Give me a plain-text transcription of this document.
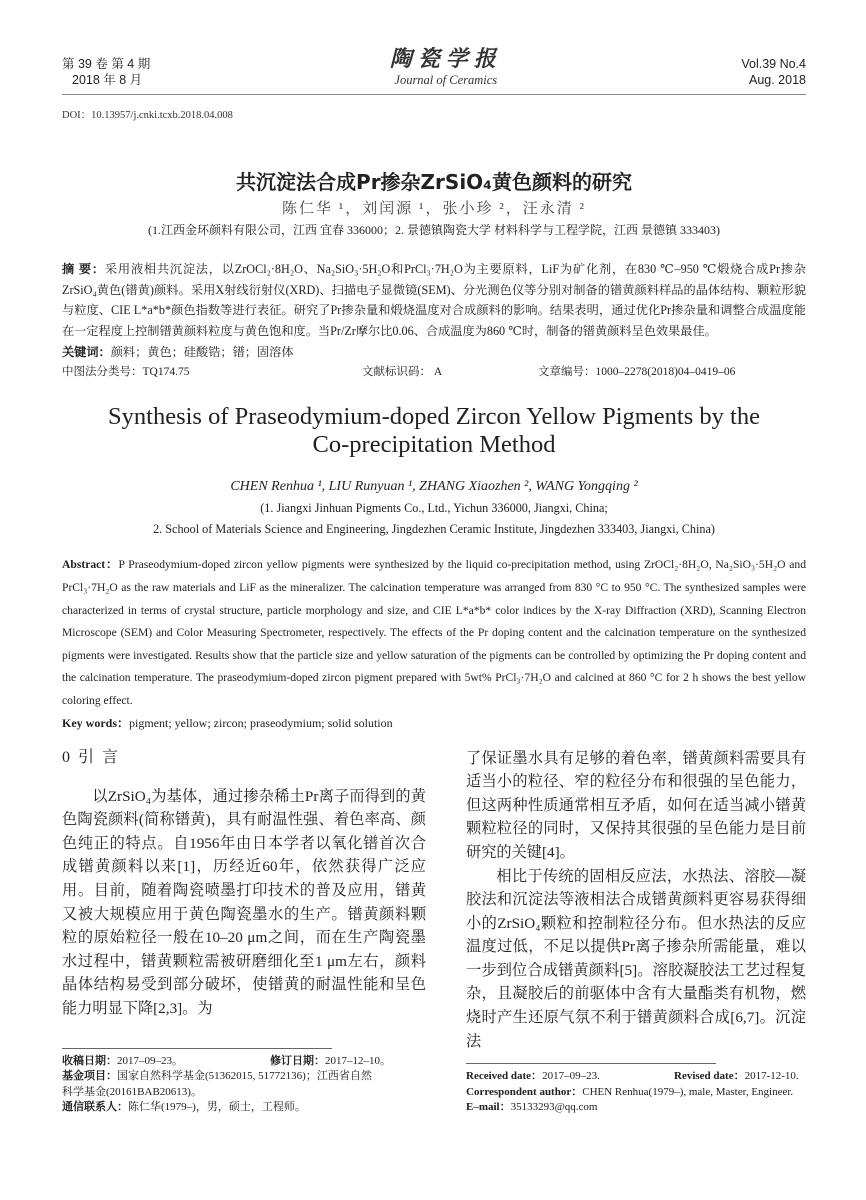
第 39 卷 第 4 期
2018 年 8 月
陶瓷学报
Journal of Ceramics
Vol.39 No.4
Aug. 2018
DOI：10.13957/j.cnki.tcxb.2018.04.008
共沉淀法合成Pr掺杂ZrSiO₄黄色颜料的研究
陈仁华 ¹，刘闰源 ¹，张小珍 ²，汪永清 ²
(1.江西金环颜料有限公司，江西 宜春 336000；2. 景德镇陶瓷大学 材料科学与工程学院，江西 景德镇 333403)
摘 要：采用液相共沉淀法，以ZrOCl₂·8H₂O、Na₂SiO₃·5H₂O和PrCl₃·7H₂O为主要原料，LiF为矿化剂，在830 ℃–950 ℃煅烧合成Pr掺杂ZrSiO₄黄色(镨黄)颜料。采用X射线衍射仪(XRD)、扫描电子显微镜(SEM)、分光测色仪等分别对制备的镨黄颜料样品的晶体结构、颗粒形貌与粒度、CIE L*a*b*颜色指数等进行表征。研究了Pr掺杂量和煅烧温度对合成颜料的影响。结果表明，通过优化Pr掺杂量和调整合成温度能在一定程度上控制镨黄颜料粒度与黄色饱和度。当Pr/Zr摩尔比0.06、合成温度为860 ℃时，制备的镨黄颜料呈色效果最佳。
关键词：颜料；黄色；硅酸锆；镨；固溶体
中图法分类号：TQ174.75	文献标识码： A	文章编号：1000–2278(2018)04–0419–06
Synthesis of Praseodymium-doped Zircon Yellow Pigments by the Co-precipitation Method
CHEN Renhua ¹, LIU Runyuan ¹, ZHANG Xiaozhen ², WANG Yongqing ²
(1. Jiangxi Jinhuan Pigments Co., Ltd., Yichun 336000, Jiangxi, China;
2. School of Materials Science and Engineering, Jingdezhen Ceramic Institute, Jingdezhen 333403, Jiangxi, China)
Abstract：P Praseodymium-doped zircon yellow pigments were synthesized by the liquid co-precipitation method, using ZrOCl₂·8H₂O, Na₂SiO₃·5H₂O and PrCl₃·7H₂O as the raw materials and LiF as the mineralizer. The calcination temperature was arranged from 830 °C to 950 °C. The synthesized samples were characterized in terms of crystal structure, particle morphology and size, and CIE L*a*b* color indices by the X-ray Diffraction (XRD), Scanning Electron Microscope (SEM) and Color Measuring Spectrometer, respectively. The effects of the Pr doping content and the calcination temperature on the synthesized pigments were investigated. Results show that the particle size and yellow saturation of the pigments can be controlled by optimizing the Pr doping content and the calcination temperature. The praseodymium-doped zircon pigment prepared with 5wt% PrCl₃·7H₂O and calcined at 860 °C for 2 h shows the best yellow coloring effect.
Key words：pigment; yellow; zircon; praseodymium; solid solution
0 引 言

以ZrSiO₄为基体，通过掺杂稀土Pr离子而得到的黄色陶瓷颜料(简称镨黄)，具有耐温性强、着色率高、颜色纯正的特点。自1956年由日本学者以氧化镨首次合成镨黄颜料以来[1]，历经近60年，依然获得广泛应用。目前，随着陶瓷喷墨打印技术的普及应用，镨黄又被大规模应用于黄色陶瓷墨水的生产。镨黄颜料颗粒的原始粒径一般在10–20 μm之间，而在生产陶瓷墨水过程中，镨黄颗粒需被研磨细化至1 μm左右，颜料晶体结构易受到部分破坏，使镨黄的耐温性能和呈色能力明显下降[2,3]。为

收稿日期：2017–09–23。	修订日期：2017–12–10。
基金项目：国家自然科学基金(51362015, 51772136)；江西省自然
科学基金(20161BAB20613)。
通信联系人：陈仁华(1979–)，男，硕士，工程师。

了保证墨水具有足够的着色率，镨黄颜料需要具有适当小的粒径、窄的粒径分布和很强的呈色能力，但这两种性质通常相互矛盾，如何在适当减小镨黄颗粒粒径的同时，又保持其很强的呈色能力是目前研究的关键[4]。

相比于传统的固相反应法，水热法、溶胶—凝胶法和沉淀法等液相法合成镨黄颜料更容易获得细小的ZrSiO₄颗粒和控制粒径分布。但水热法的反应温度过低，不足以提供Pr离子掺杂所需能量，难以一步到位合成镨黄颜料[5]。溶胶凝胶法工艺过程复杂，且凝胶后的前驱体中含有大量酯类有机物，燃烧时产生还原气氛不利于镨黄颜料合成[6,7]。沉淀法

Received date：2017–09–23.	Revised date：2017-12-10.
Correspondent author：CHEN Renhua(1979–), male, Master, Engineer.
E–mail：35133293@qq.com
